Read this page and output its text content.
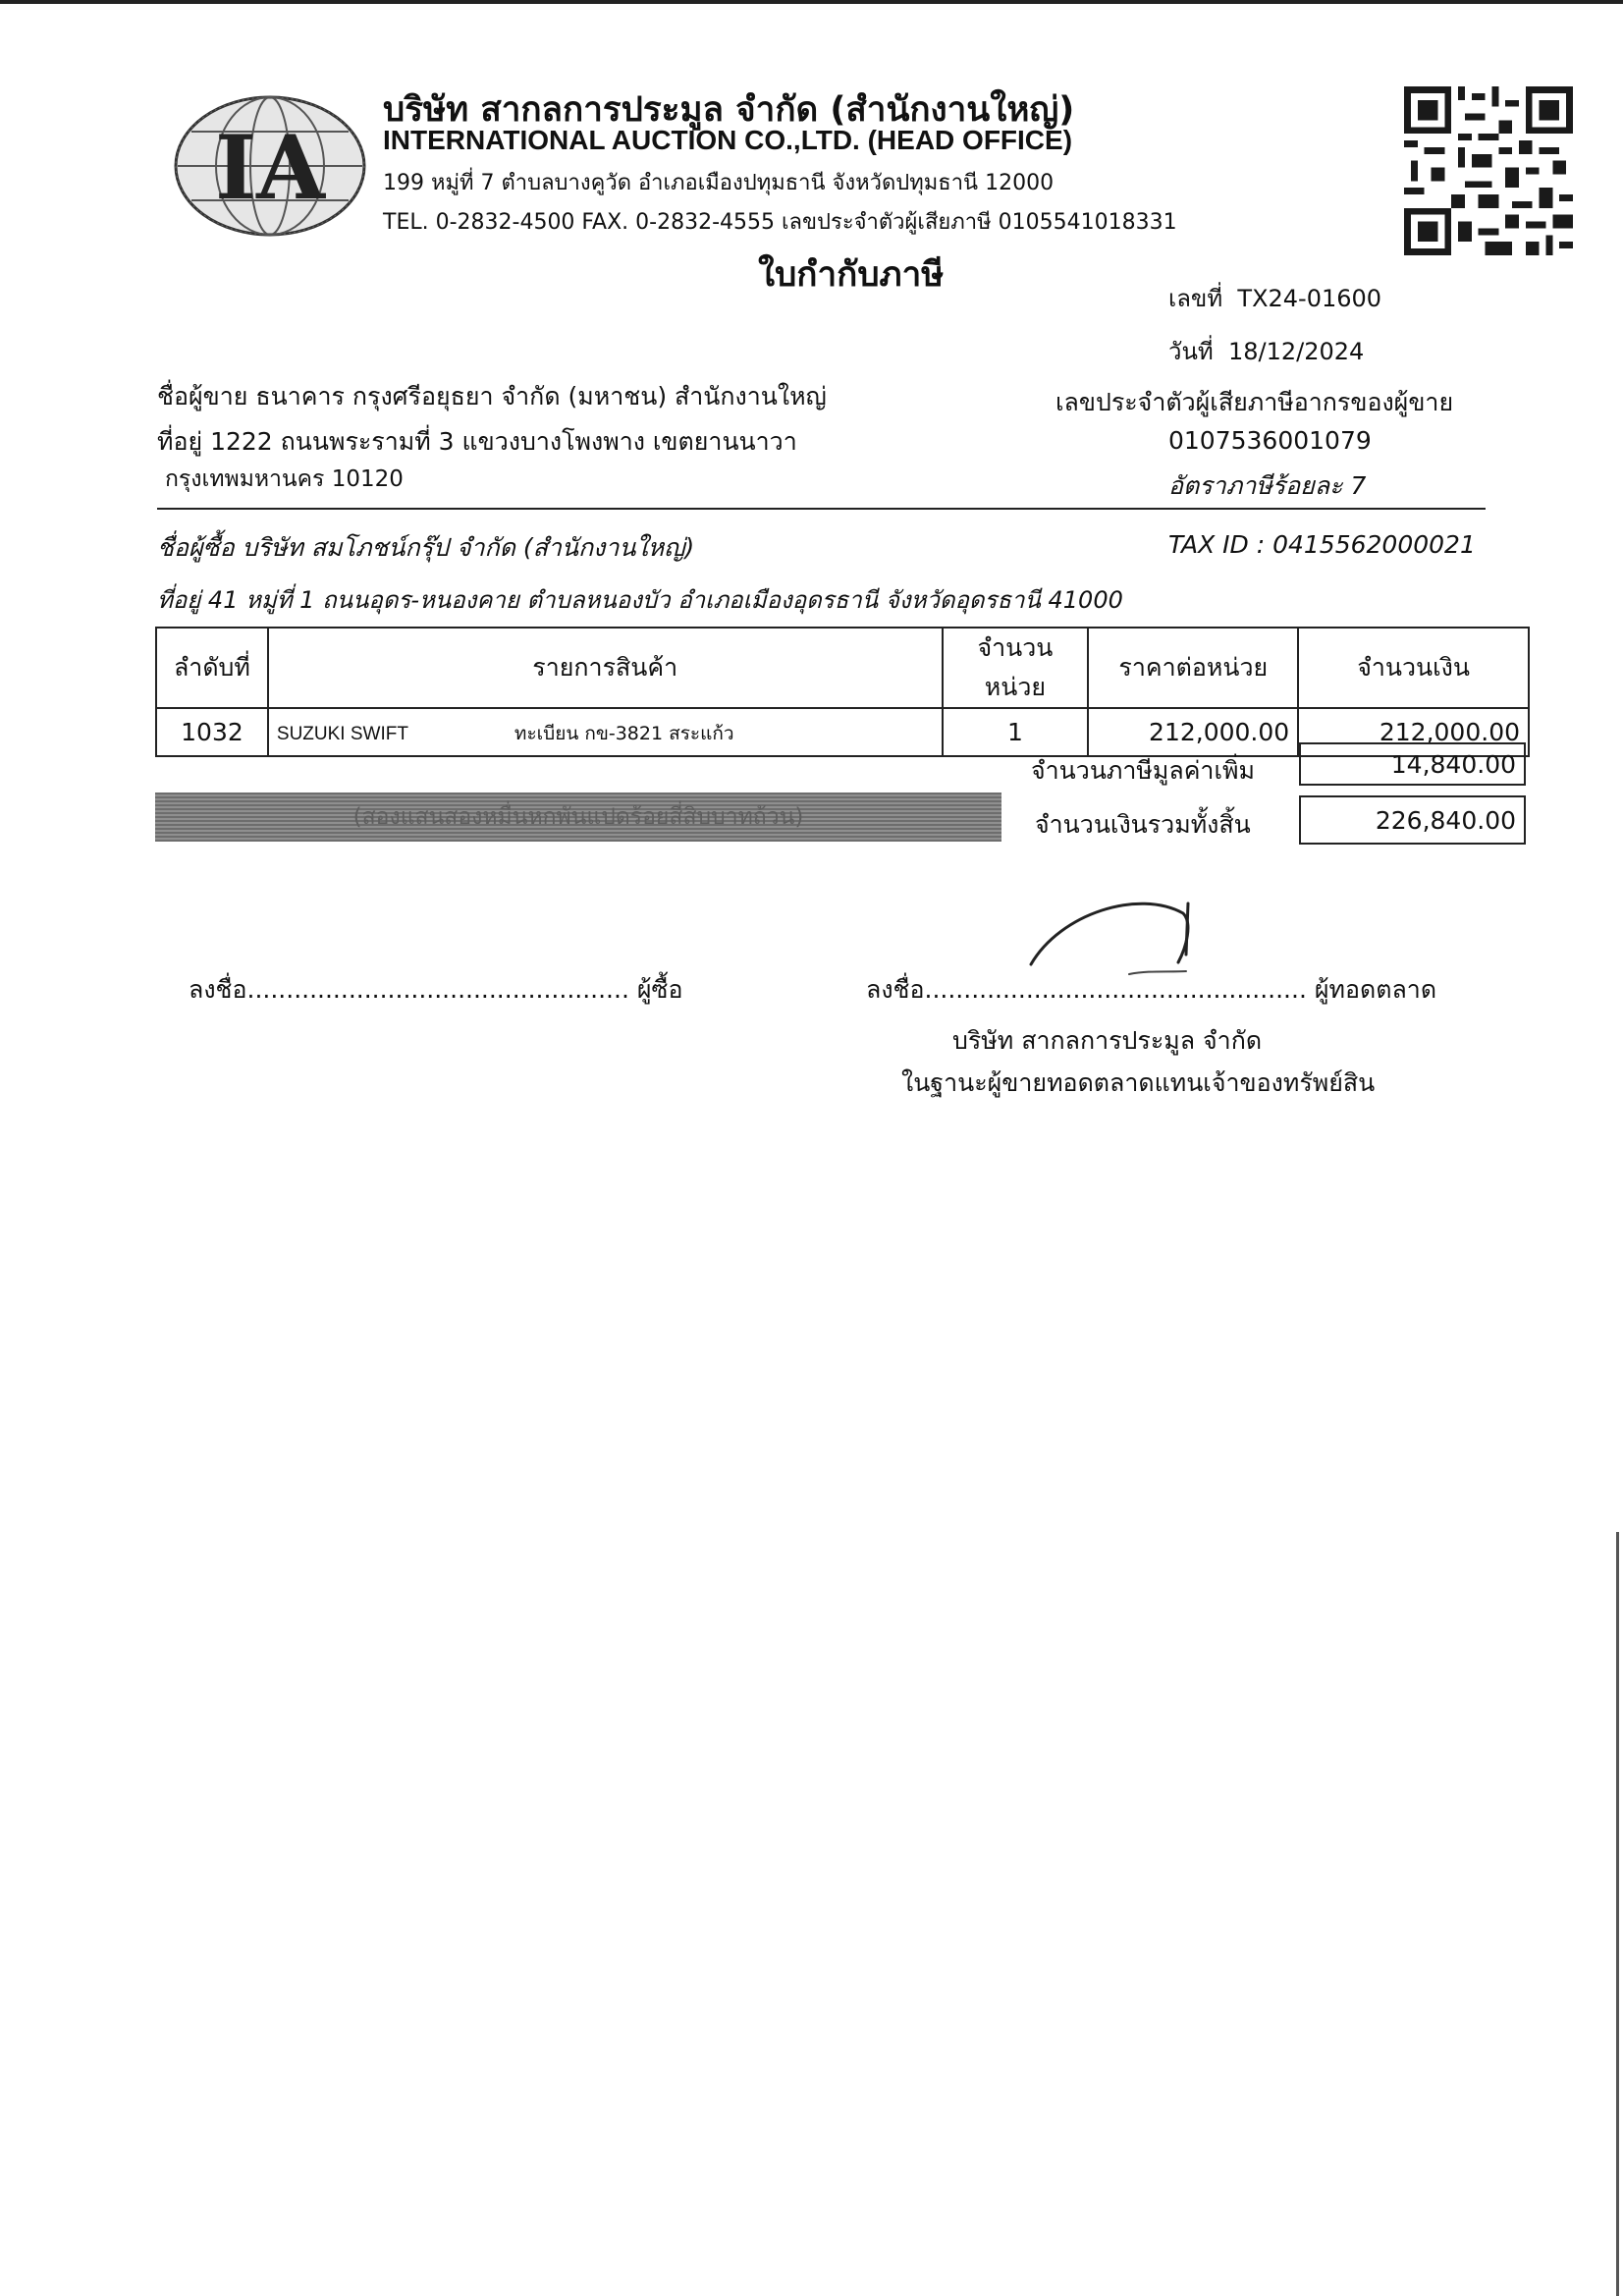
IA
บริษัท สากลการประมูล จำกัด (สำนักงานใหญ่)
INTERNATIONAL AUCTION CO.,LTD. (HEAD OFFICE)
199 หมู่ที่ 7 ตำบลบางคูวัด อำเภอเมืองปทุมธานี จังหวัดปทุมธานี 12000
TEL. 0-2832-4500 FAX. 0-2832-4555 เลขประจำตัวผู้เสียภาษี 0105541018331
ใบกำกับภาษี
เลขที่ TX24-01600
วันที่ 18/12/2024
ชื่อผู้ขาย ธนาคาร กรุงศรีอยุธยา จำกัด (มหาชน) สำนักงานใหญ่
ที่อยู่ 1222 ถนนพระรามที่ 3 แขวงบางโพงพาง เขตยานนาวา
กรุงเทพมหานคร 10120
เลขประจำตัวผู้เสียภาษีอากรของผู้ขาย
0107536001079
อัตราภาษีร้อยละ 7
ชื่อผู้ซื้อ บริษัท สมโภชน์กรุ๊ป จำกัด (สำนักงานใหญ่)	TAX ID : 0415562000021
ที่อยู่ 41 หมู่ที่ 1 ถนนอุดร-หนองคาย ตำบลหนองบัว อำเภอเมืองอุดรธานี จังหวัดอุดรธานี 41000
ลำดับที่	รายการสินค้า	จำนวนหน่วย	ราคาต่อหน่วย	จำนวนเงิน
1032	SUZUKI SWIFT ทะเบียน กข-3821 สระแก้ว	1	212,000.00	212,000.00
จำนวนภาษีมูลค่าเพิ่ม	14,840.00
(สองแสนสองหมื่นหกพันแปดร้อยสี่สิบบาทถ้วน)	จำนวนเงินรวมทั้งสิ้น	226,840.00
ลงชื่อ................................................. ผู้ซื้อ	ลงชื่อ................................................. ผู้ทอดตลาด
บริษัท สากลการประมูล จำกัด
ในฐานะผู้ขายทอดตลาดแทนเจ้าของทรัพย์สิน
